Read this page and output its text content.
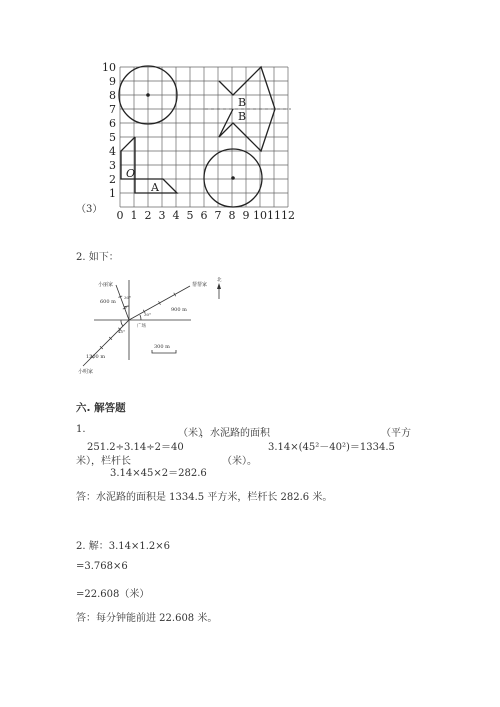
（3）
10
9
8
7
6
5
4
3
2
1
0 1 2 3 4 5 6 7 8 9 10 11 12
B
B
O
A
2. 如下：
小丽家	帮帮家
小明家
北
广场
600 m
900 m
1200 m
30°
30°
45°
300 m
六. 解答题
1.	（米）
，水泥路的面积	（平方
251.2÷3.14÷2＝40	3.14×(45²－40²)＝1334.5
米），栏杆长	（米）。
3.14×45×2＝282.6
答：水泥路的面积是 1334.5 平方米，栏杆长 282.6 米。
2. 解：3.14×1.2×6
=3.768×6
=22.608（米）
答：每分钟能前进 22.608 米。
